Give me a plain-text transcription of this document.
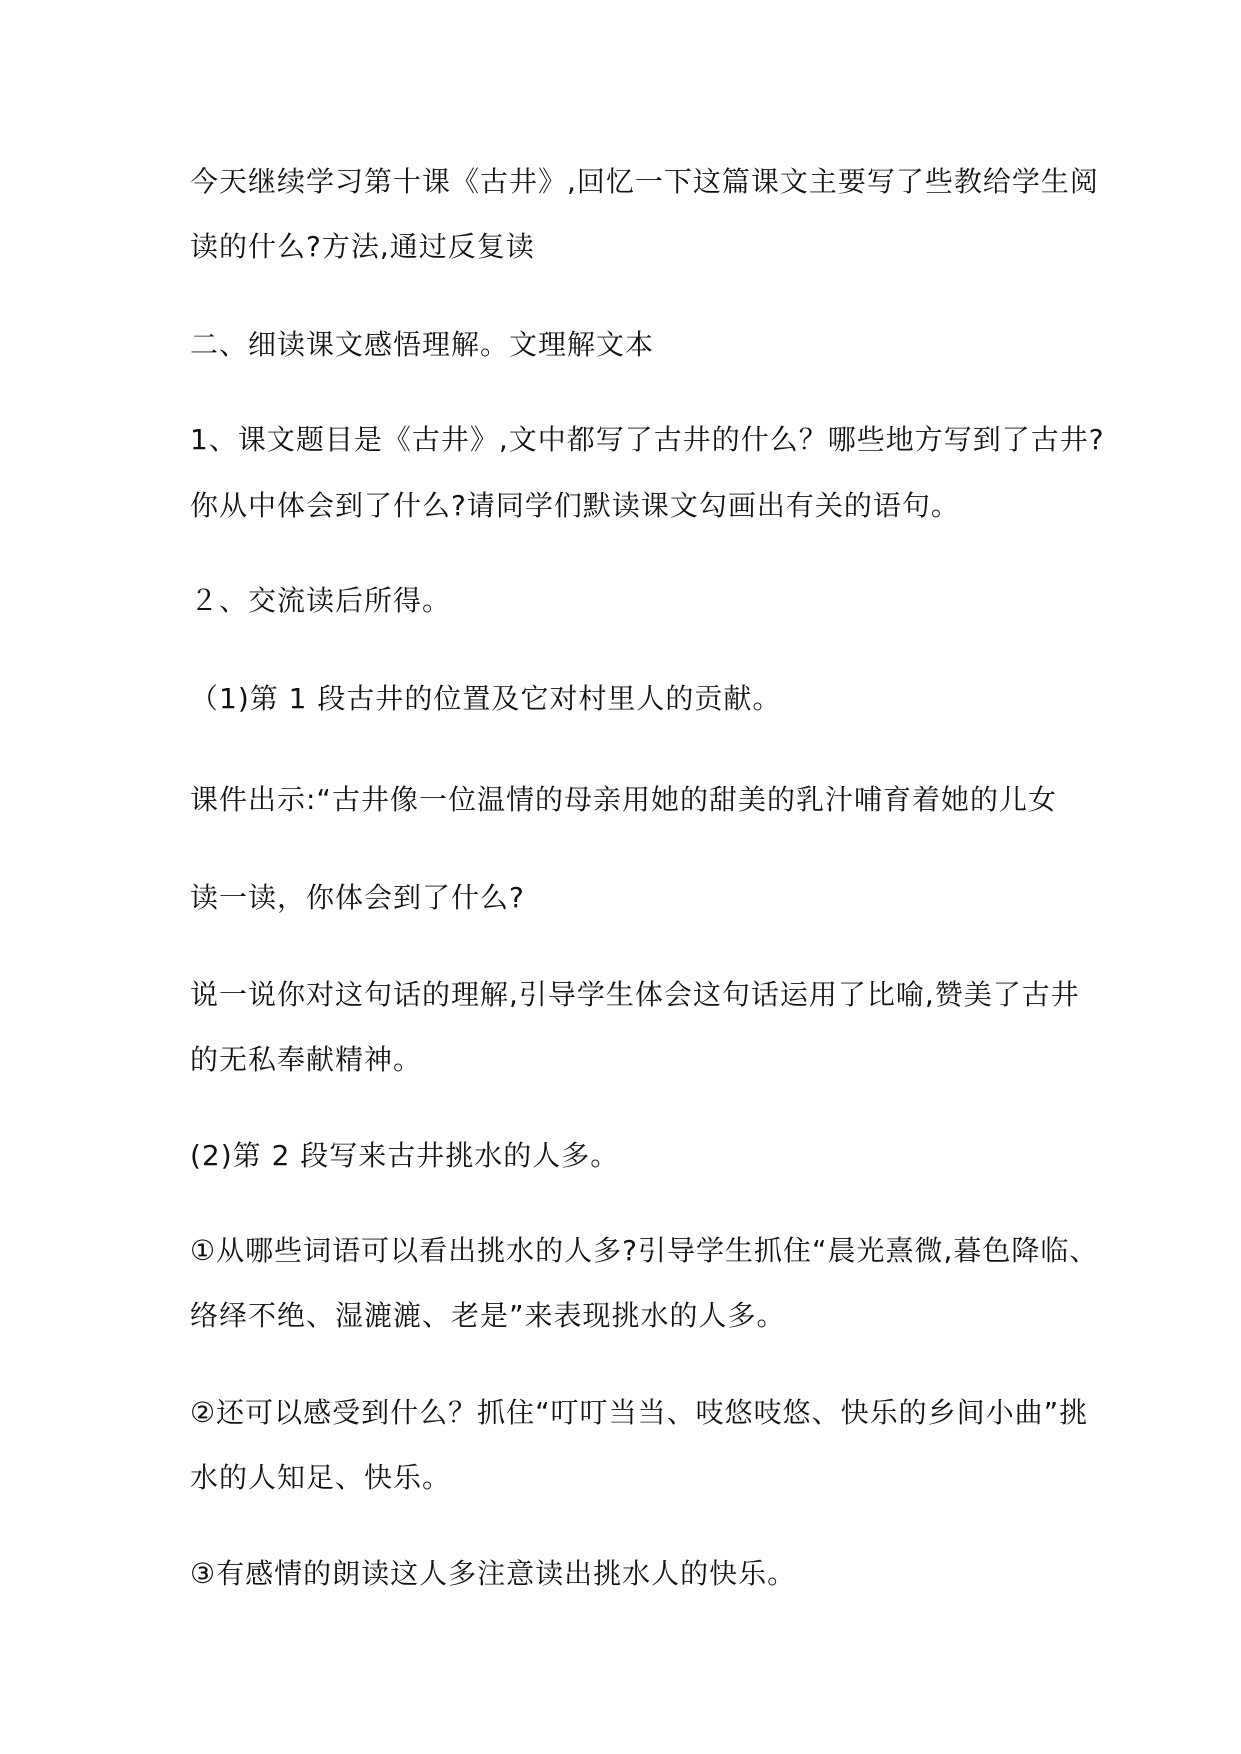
今天继续学习第十课《古井》,回忆一下这篇课文主要写了些教给学生阅
读的什么?方法,通过反复读
二、细读课文感悟理解。文理解文本
1、课文题目是《古井》,文中都写了古井的什么？哪些地方写到了古井?
你从中体会到了什么?请同学们默读课文勾画出有关的语句。
２、交流读后所得。
（1)第 1 段古井的位置及它对村里人的贡献。
课件出示:“古井像一位温情的母亲用她的甜美的乳汁哺育着她的儿女
读一读，你体会到了什么?
说一说你对这句话的理解,引导学生体会这句话运用了比喻,赞美了古井
的无私奉献精神。
(2)第 2 段写来古井挑水的人多。
①从哪些词语可以看出挑水的人多?引导学生抓住“晨光熹微,暮色降临、
络绎不绝、湿漉漉、老是”来表现挑水的人多。
②还可以感受到什么？抓住“叮叮当当、吱悠吱悠、快乐的乡间小曲”挑
水的人知足、快乐。
③有感情的朗读这人多注意读出挑水人的快乐。
